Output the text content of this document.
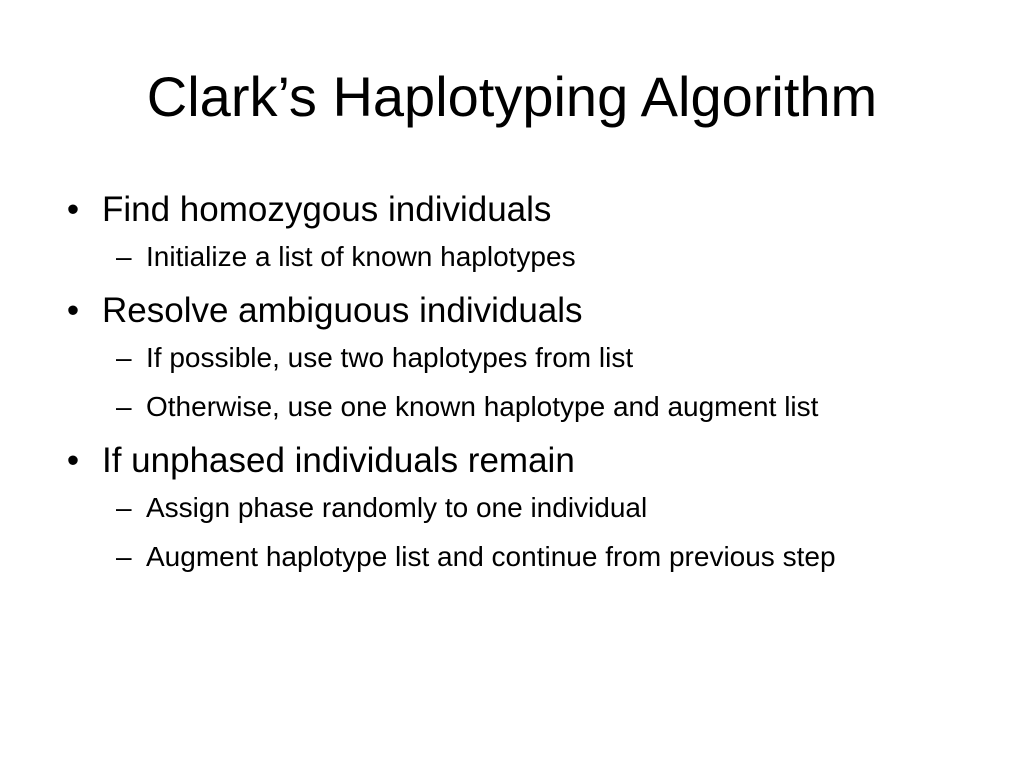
Clark’s Haplotyping Algorithm
• Find homozygous individuals
– Initialize a list of known haplotypes
• Resolve ambiguous individuals
– If possible, use two haplotypes from list
– Otherwise, use one known haplotype and augment list
• If unphased individuals remain
– Assign phase randomly to one individual
– Augment haplotype list and continue from previous step
